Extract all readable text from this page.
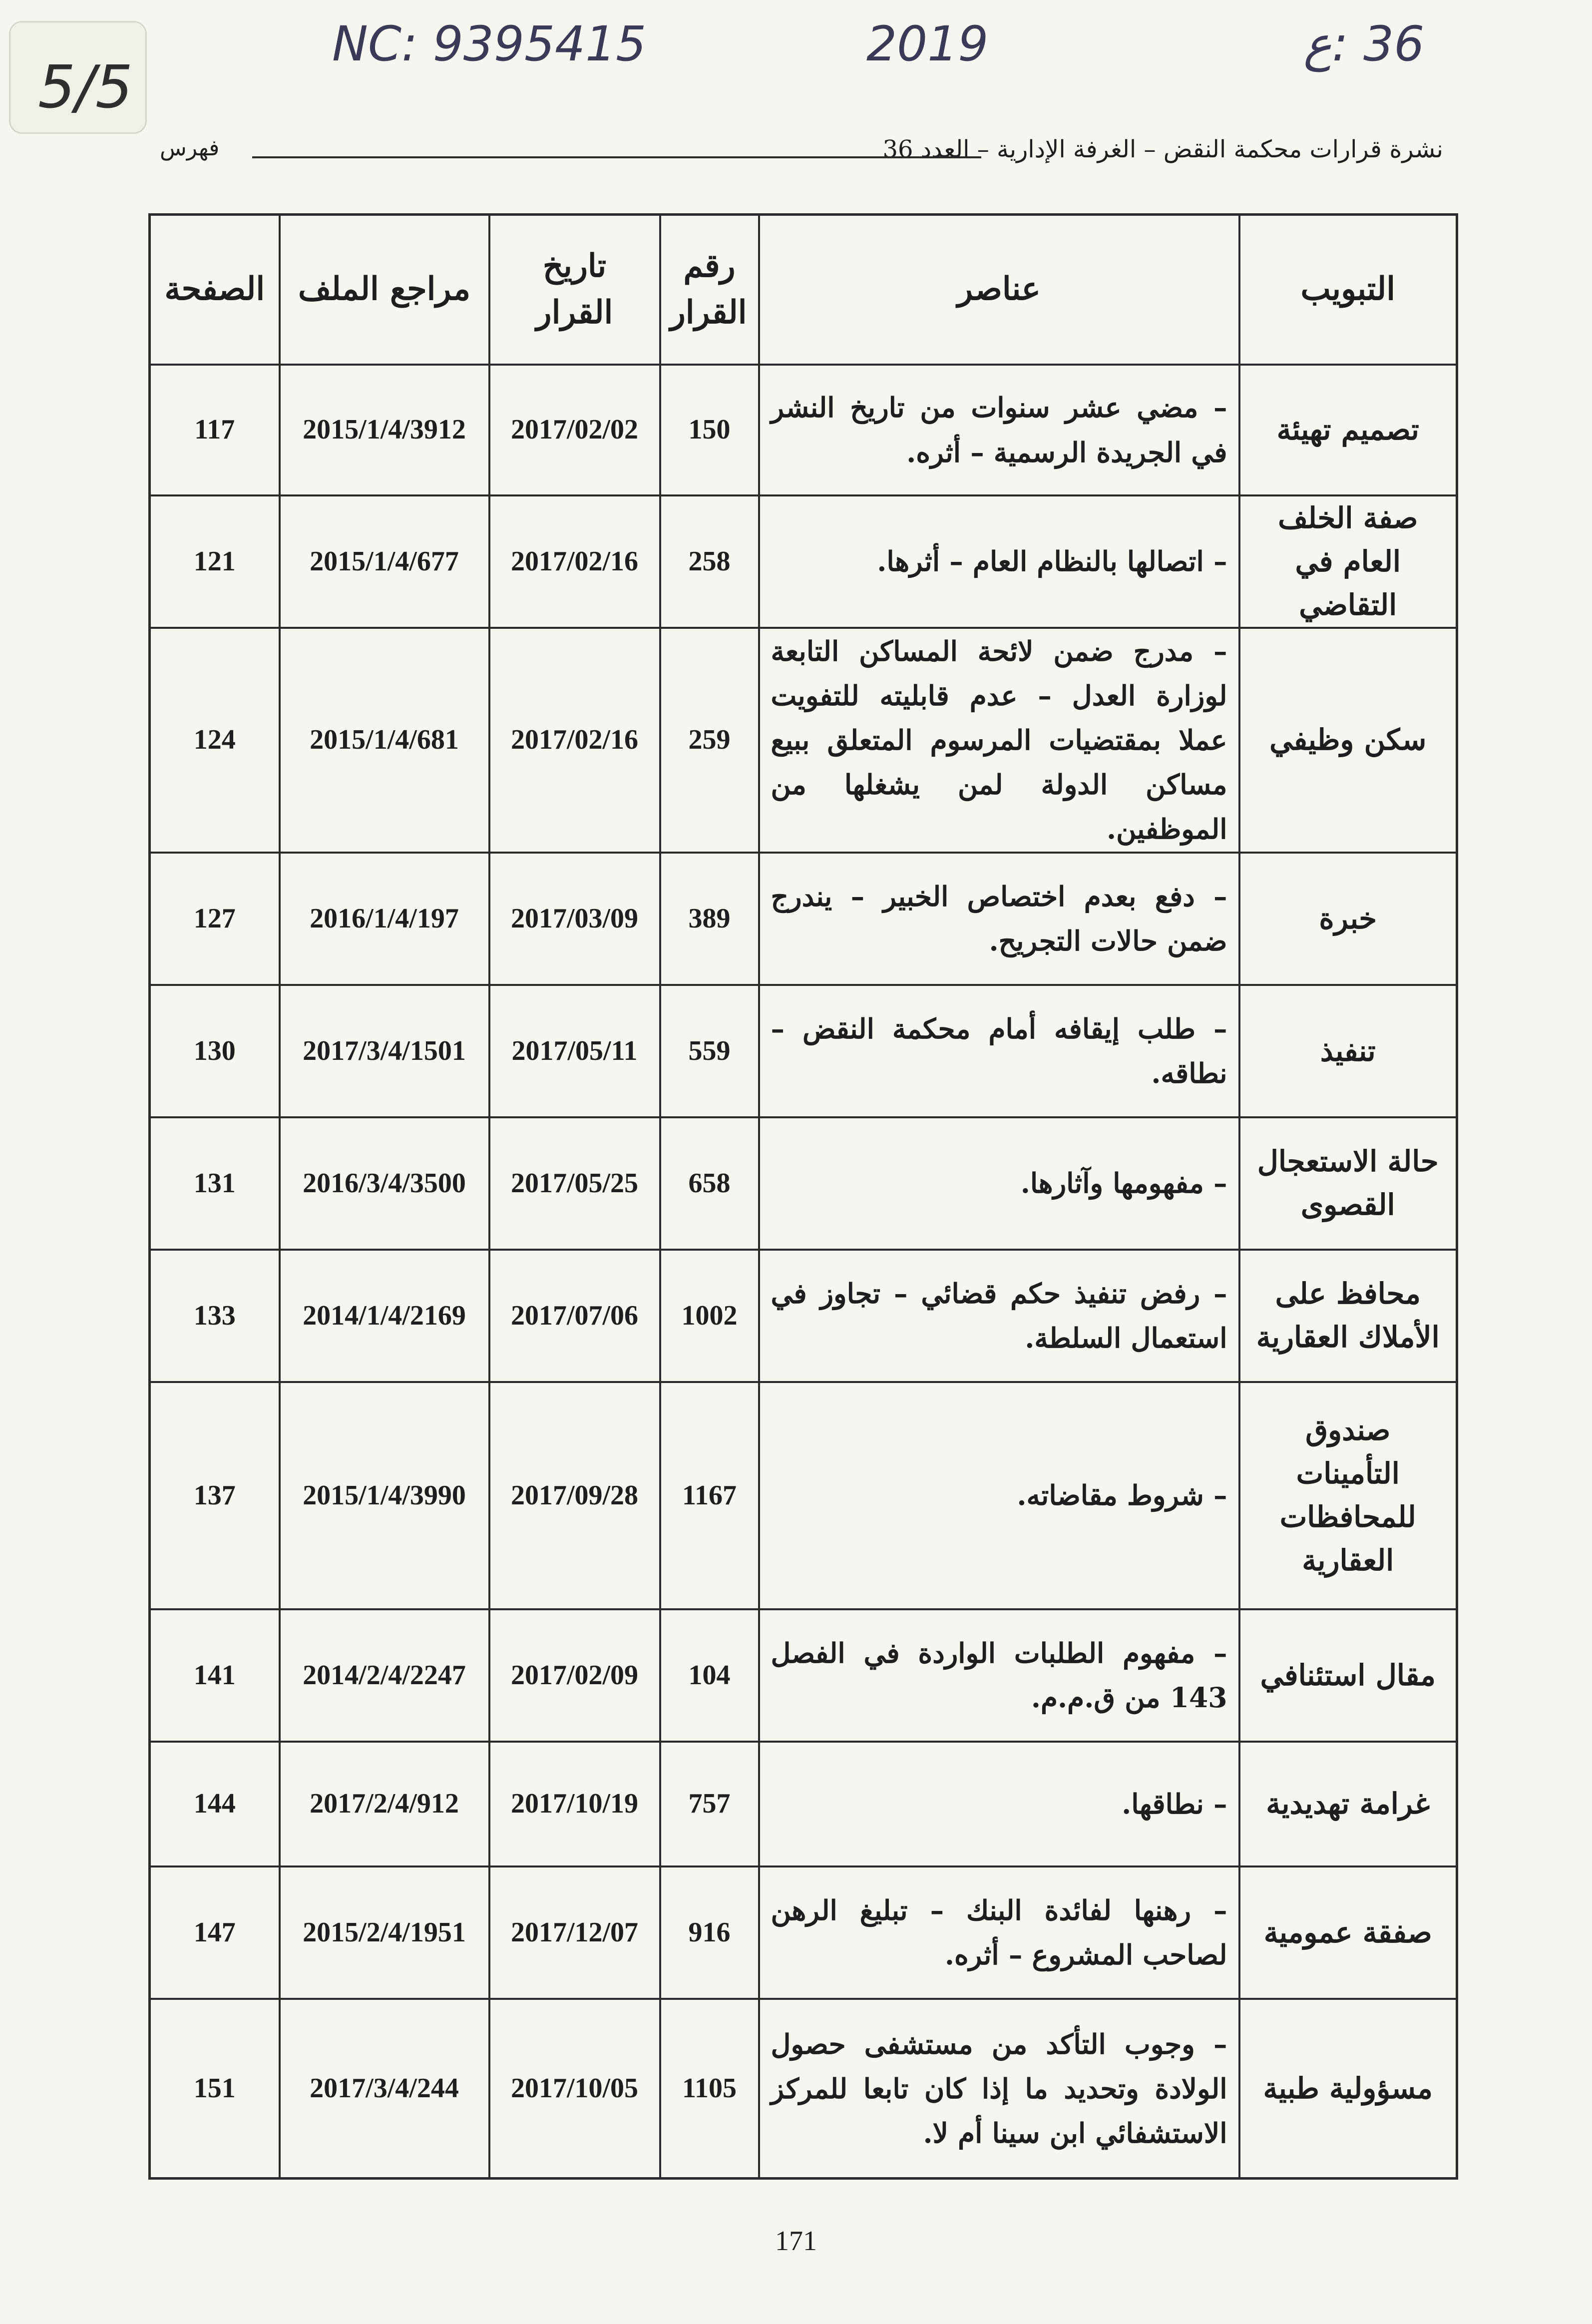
5/5
NC: 9395415	2019	36 :ع
نشرة قرارات محكمة النقض – الغرفة الإدارية – العدد 36
فهرس
التبويب	عناصر	رقم القرار	تاريخ القرار	مراجع الملف	الصفحة
تصميم تهيئة	– مضي عشر سنوات من تاريخ النشر في الجريدة الرسمية – أثره.	150	2017/02/02	2015/1/4/3912	117
صفة الخلف العام في التقاضي	– اتصالها بالنظام العام – أثرها.	258	2017/02/16	2015/1/4/677	121
سكن وظيفي	– مدرج ضمن لائحة المساكن التابعة لوزارة العدل – عدم قابليته للتفويت عملا بمقتضيات المرسوم المتعلق ببيع مساكن الدولة لمن يشغلها من الموظفين.	259	2017/02/16	2015/1/4/681	124
خبرة	– دفع بعدم اختصاص الخبير – يندرج ضمن حالات التجريح.	389	2017/03/09	2016/1/4/197	127
تنفيذ	– طلب إيقافه أمام محكمة النقض – نطاقه.	559	2017/05/11	2017/3/4/1501	130
حالة الاستعجال القصوى	– مفهومها وآثارها.	658	2017/05/25	2016/3/4/3500	131
محافظ على الأملاك العقارية	– رفض تنفيذ حكم قضائي – تجاوز في استعمال السلطة.	1002	2017/07/06	2014/1/4/2169	133
صندوق التأمينات للمحافظات العقارية	– شروط مقاضاته.	1167	2017/09/28	2015/1/4/3990	137
مقال استئنافي	– مفهوم الطلبات الواردة في الفصل 143 من ق.م.م.	104	2017/02/09	2014/2/4/2247	141
غرامة تهديدية	– نطاقها.	757	2017/10/19	2017/2/4/912	144
صفقة عمومية	– رهنها لفائدة البنك – تبليغ الرهن لصاحب المشروع – أثره.	916	2017/12/07	2015/2/4/1951	147
مسؤولية طبية	– وجوب التأكد من مستشفى حصول الولادة وتحديد ما إذا كان تابعا للمركز الاستشفائي ابن سينا أم لا.	1105	2017/10/05	2017/3/4/244	151
171
